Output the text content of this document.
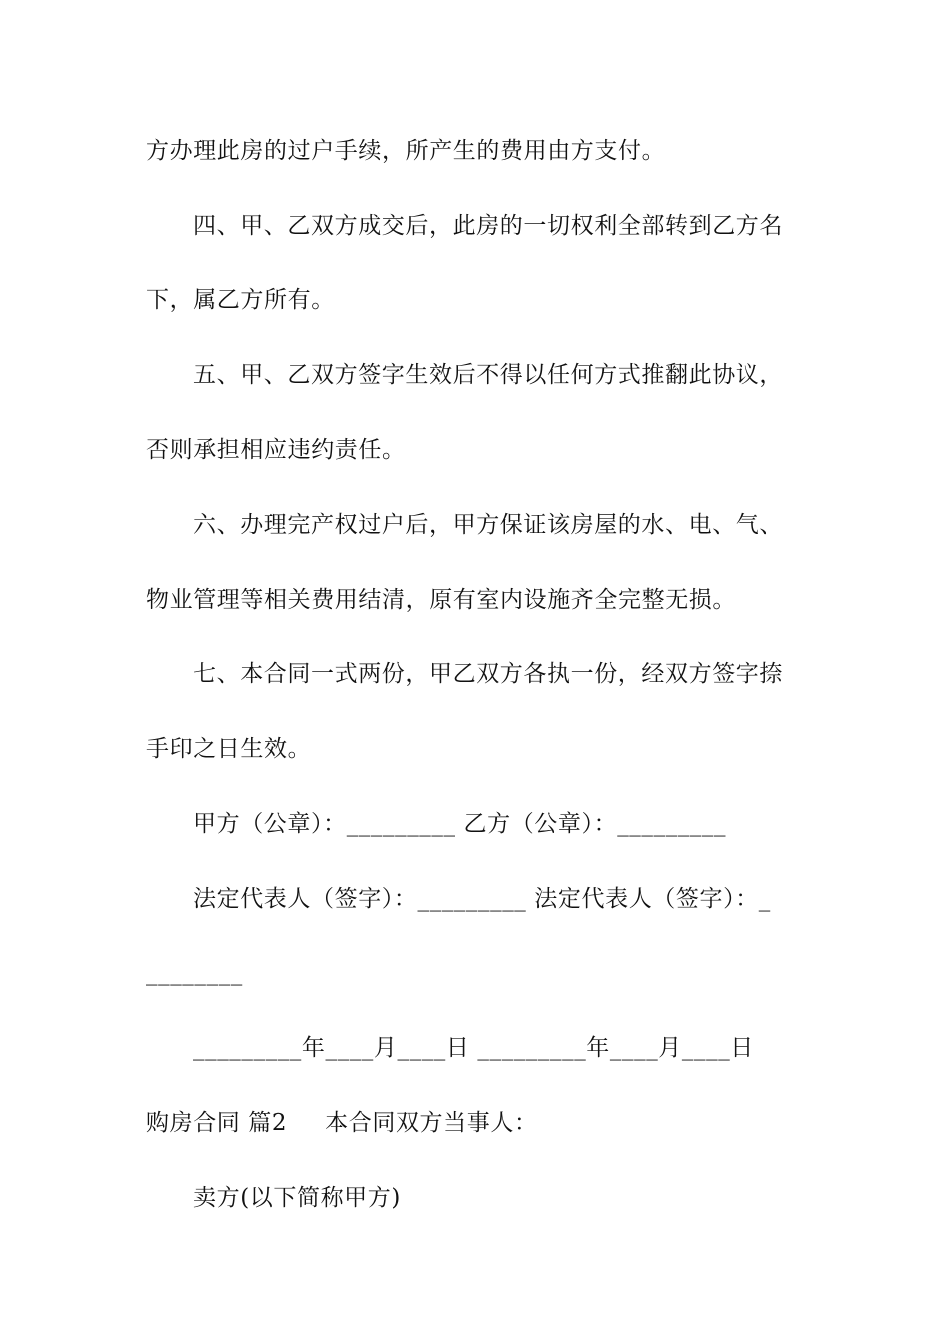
方办理此房的过户手续，所产生的费用由方支付。
四、甲、乙双方成交后，此房的一切权利全部转到乙方名
下，属乙方所有。
五、甲、乙双方签字生效后不得以任何方式推翻此协议，
否则承担相应违约责任。
六、办理完产权过户后，甲方保证该房屋的水、电、气、
物业管理等相关费用结清，原有室内设施齐全完整无损。
七、本合同一式两份，甲乙双方各执一份，经双方签字捺
手印之日生效。
甲方（公章）：_________ 乙方（公章）：_________
法定代表人（签字）：_________ 法定代表人（签字）：_
________
_________年____月____日 _________年____月____日
购房合同 篇2 本合同双方当事人：
卖方(以下简称甲方)
